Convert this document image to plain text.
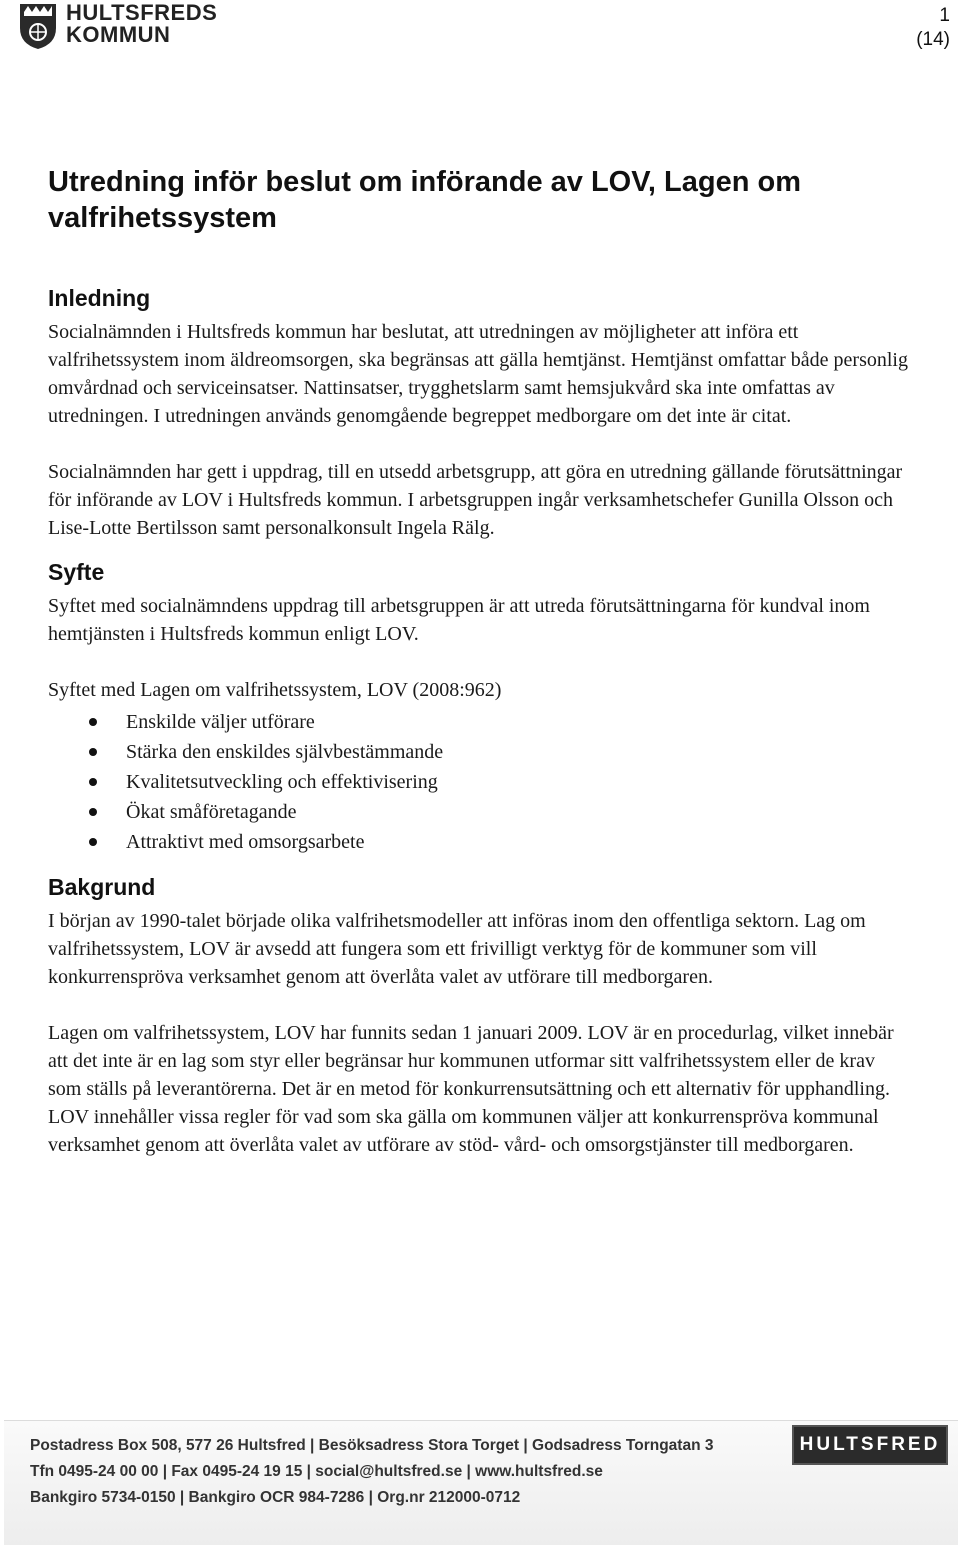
HULTSFREDS
KOMMUN
1
(14)
Utredning inför beslut om införande av LOV, Lagen om valfrihetssystem
Inledning

Socialnämnden i Hultsfreds kommun har beslutat, att utredningen av möjligheter att införa ett valfrihetssystem inom äldreomsorgen, ska begränsas att gälla hemtjänst. Hemtjänst omfattar både personlig omvårdnad och serviceinsatser. Nattinsatser, trygghetslarm samt hemsjukvård ska inte omfattas av utredningen. I utredningen används genomgående begreppet medborgare om det inte är citat.

Socialnämnden har gett i uppdrag, till en utsedd arbetsgrupp, att göra en utredning gällande förutsättningar för införande av LOV i Hultsfreds kommun. I arbetsgruppen ingår verksamhetschefer Gunilla Olsson och Lise-Lotte Bertilsson samt personalkonsult Ingela Rälg.

Syfte

Syftet med socialnämndens uppdrag till arbetsgruppen är att utreda förutsättningarna för kundval inom hemtjänsten i Hultsfreds kommun enligt LOV.

Syftet med Lagen om valfrihetssystem, LOV (2008:962)

Enskilde väljer utförare
Stärka den enskildes självbestämmande
Kvalitetsutveckling och effektivisering
Ökat småföretagande
Attraktivt med omsorgsarbete
Bakgrund

I början av 1990-talet började olika valfrihetsmodeller att införas inom den offentliga sektorn. Lag om valfrihetssystem, LOV är avsedd att fungera som ett frivilligt verktyg för de kommuner som vill konkurrenspröva verksamhet genom att överlåta valet av utförare till medborgaren.

Lagen om valfrihetssystem, LOV har funnits sedan 1 januari 2009. LOV är en procedurlag, vilket innebär att det inte är en lag som styr eller begränsar hur kommunen utformar sitt valfrihetssystem eller de krav som ställs på leverantörerna. Det är en metod för konkurrensutsättning och ett alternativ för upphandling. LOV innehåller vissa regler för vad som ska gälla om kommunen väljer att konkurrenspröva kommunal verksamhet genom att överlåta valet av utförare av stöd- vård- och omsorgstjänster till medborgaren.

Postadress Box 508, 577 26 Hultsfred | Besöksadress Stora Torget | Godsadress Torngatan 3
Tfn 0495-24 00 00 | Fax 0495-24 19 15 | social@hultsfred.se | www.hultsfred.se
Bankgiro 5734-0150 | Bankgiro OCR 984-7286 | Org.nr 212000-0712
HULTSFRED
